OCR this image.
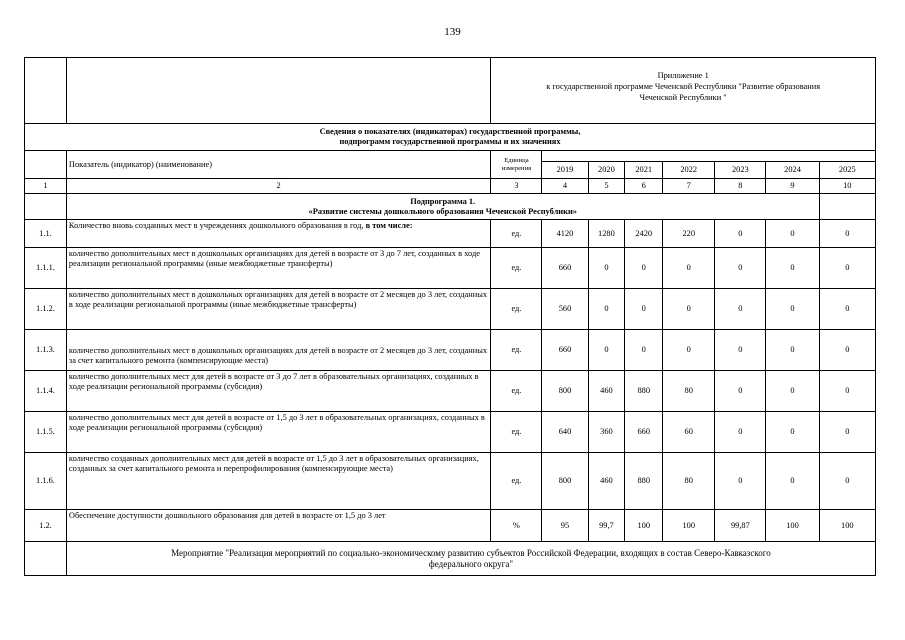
139

		Приложение 1
к государственной программе Чеченской Республики "Развитие образования
Чеченской Республики "							

Сведения о показателях (индикаторах) государственной программы,
подпрограмм государственной программы и их значениях									

	Показатель (индикатор) (наименование)	Единица измерения							
			2019	2020	2021	2022	2023	2024	2025
1	2	3	4	5	6	7	8	9	10

	Подпрограмма 1.
«Развитие системы дошкольного образования Чеченской Республики»								

1.1.	Количество вновь созданных мест в учреждениях дошкольного образования в год, в том числе:	ед.	4120	1280	2420	220	0	0	0
1.1.1.	количество дополнительных мест в дошкольных организациях для детей в возрасте от 3 до 7 лет, созданных в ходе реализации региональной программы (иные межбюджетные трансферты)	ед.	660	0	0	0	0	0	0
1.1.2.	количество дополнительных мест в дошкольных организациях для детей в возрасте от 2 месяцев до 3 лет, созданных в ходе реализации региональной программы (иные межбюджетные трансферты)	ед.	560	0	0	0	0	0	0
1.1.3.	количество дополнительных мест в дошкольных организациях для детей в возрасте от 2 месяцев до 3 лет, созданных за счет капитального ремонта (компенсирующие места)	ед.	660	0	0	0	0	0	0
1.1.4.	количество дополнительных мест для детей в возрасте от 3 до 7 лет в образовательных организациях, созданных в ходе реализации региональной программы (субсидия)	ед.	800	460	880	80	0	0	0
1.1.5.	количество дополнительных мест для детей в возрасте от 1,5 до 3 лет в образовательных организациях, созданных в ходе реализации региональной программы (субсидия)	ед.	640	360	660	60	0	0	0
1.1.6.	количество созданных дополнительных мест для детей в возрасте от 1,5 до 3 лет в образовательных организациях, созданных за счет капитального ремонта и перепрофилирования (компенсирующие места)	ед.	800	460	880	80	0	0	0
1.2.	Обеспечение доступности дошкольного образования для детей в возрасте от 1,5 до 3 лет	%	95	99,7	100	100	99,87	100	100

	Мероприятие "Реализация мероприятий по социально-экономическому развитию субъектов Российской Федерации, входящих в состав Северо-Кавказского
федерального округа"								
